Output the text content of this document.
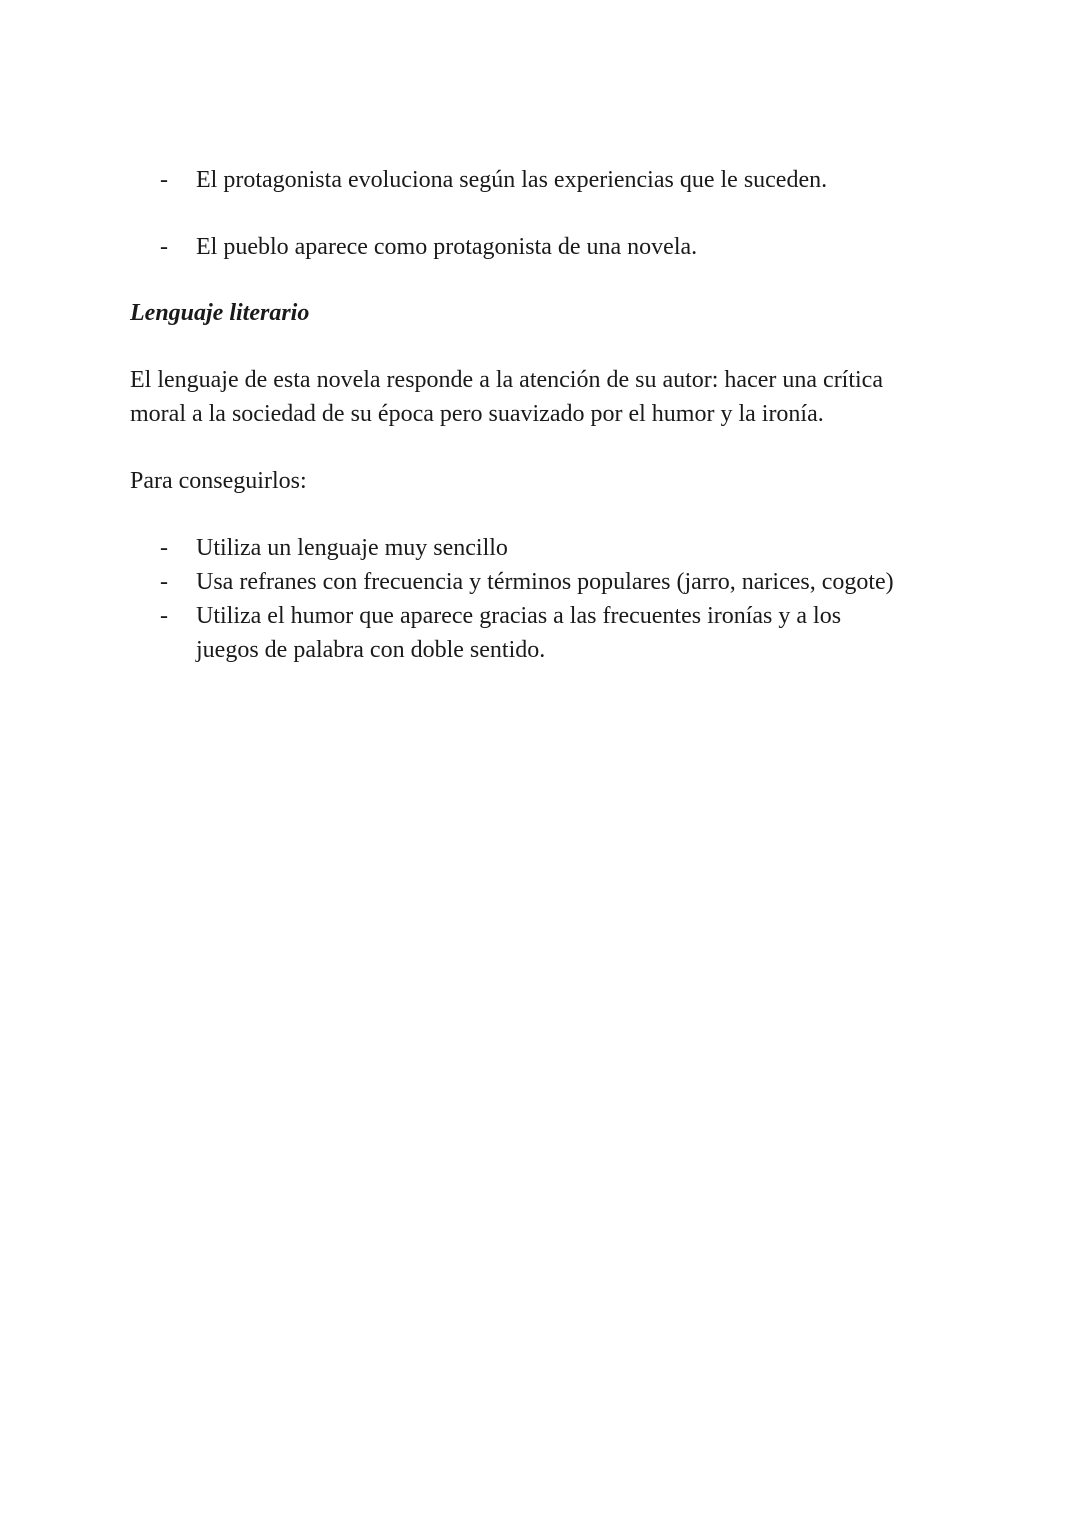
- El protagonista evoluciona según las experiencias que le suceden.
- El pueblo aparece como protagonista de una novela.
Lenguaje literario

El lenguaje de esta novela responde a la atención de su autor: hacer una crítica
moral a la sociedad de su época pero suavizado por el humor y la ironía.

Para conseguirlos:

- Utiliza un lenguaje muy sencillo
- Usa refranes con frecuencia y términos populares (jarro, narices, cogote)
- Utiliza el humor que aparece gracias a las frecuentes ironías y a los
juegos de palabra con doble sentido.
